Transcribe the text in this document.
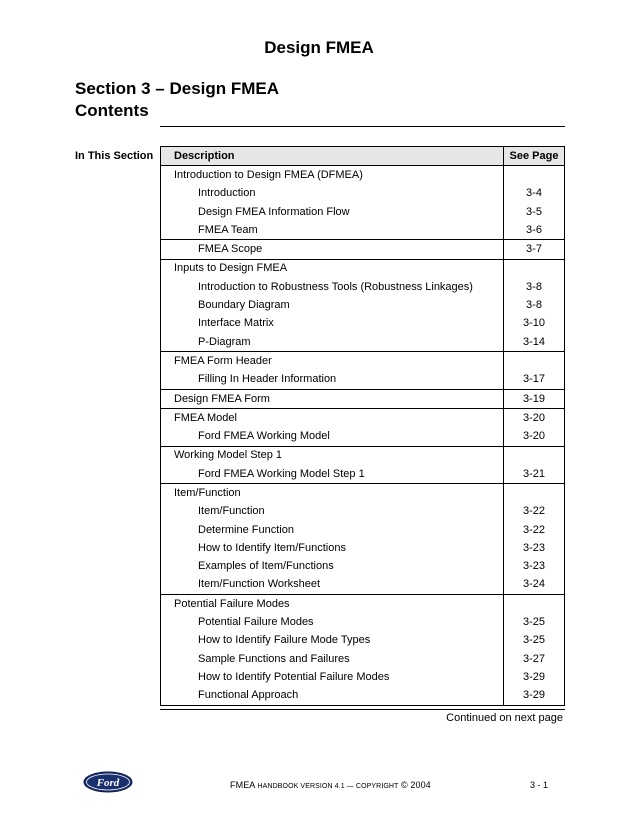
Design FMEA
Section 3 – Design FMEA
Contents
In This Section Description	See Page
Introduction to Design FMEA (DFMEA)	
Introduction	3-4
Design FMEA Information Flow	3-5
FMEA Team	3-6
FMEA Scope	3-7
Inputs to Design FMEA	
Introduction to Robustness Tools (Robustness Linkages)	3-8
Boundary Diagram	3-8
Interface Matrix	3-10
P-Diagram	3-14
FMEA Form Header	
Filling In Header Information	3-17
Design FMEA Form	3-19
FMEA Model	3-20
Ford FMEA Working Model	3-20
Working Model Step 1	
Ford FMEA Working Model Step 1	3-21
Item/Function	
Item/Function	3-22
Determine Function	3-22
How to Identify Item/Functions	3-23
Examples of Item/Functions	3-23
Item/Function Worksheet	3-24
Potential Failure Modes	
Potential Failure Modes	3-25
How to Identify Failure Mode Types	3-25
Sample Functions and Failures	3-27
How to Identify Potential Failure Modes	3-29
Functional Approach	3-29
Continued on next page
Ford	FMEA HANDBOOK VERSION 4.1 — COPYRIGHT © 2004	3 - 1
